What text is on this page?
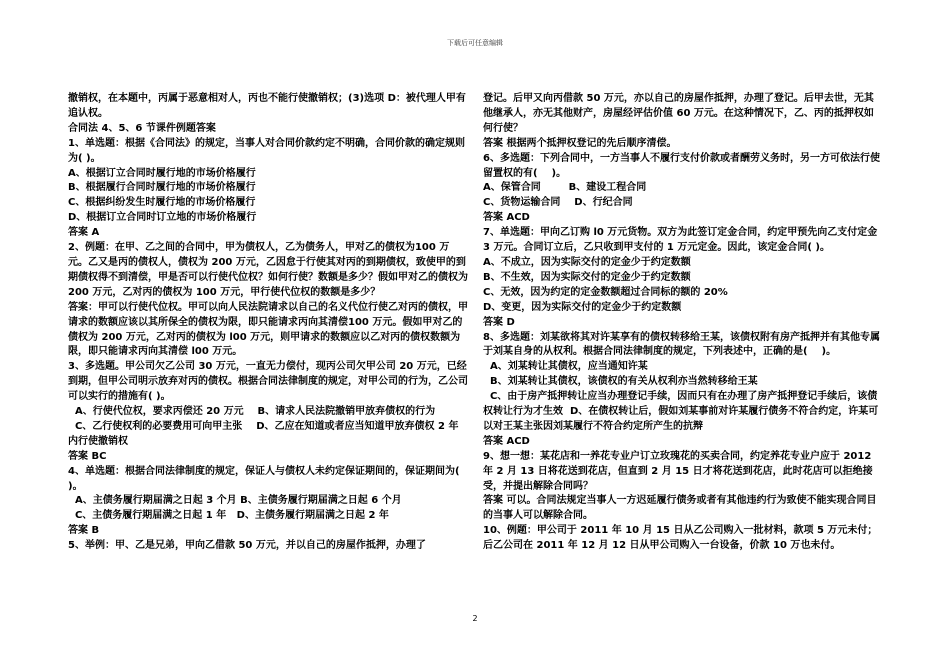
下载后可任意编辑

撤销权，在本题中，丙属于恶意相对人，丙也不能行使撤销权；(3)选项 D：被代理人甲有追认权。

合同法 4、5、6 节课件例题答案

1、单选题：根据《合同法》的规定，当事人对合同价款约定不明确，合同价款的确定规则为( )。

A、根据订立合同时履行地的市场价格履行

B、根据履行合同时履行地的市场价格履行

C、根据纠纷发生时履行地的市场价格履行

D、根据订立合同时订立地的市场价格履行

答案 A

2、例题：在甲、乙之间的合同中，甲为债权人，乙为债务人，甲对乙的债权为100 万元。乙又是丙的债权人，债权为 200 万元，乙因怠于行使其对丙的到期债权，致使甲的到期债权得不到清偿，甲是否可以行使代位权？如何行使？数额是多少？假如甲对乙的债权为 200 万元，乙对丙的债权为 100 万元，甲行使代位权的数额是多少？

答案：甲可以行使代位权。甲可以向人民法院请求以自己的名义代位行使乙对丙的债权，甲请求的数额应该以其所保全的债权为限，即只能请求丙向其清偿100 万元。假如甲对乙的债权为 200 万元，乙对丙的债权为 l00 万元，则甲请求的数额应以乙对丙的债权数额为限，即只能请求丙向其清偿 l00 万元。

3、多选题。甲公司欠乙公司 30 万元，一直无力偿付，现丙公司欠甲公司 20 万元，已经到期，但甲公司明示放弃对丙的债权。根据合同法律制度的规定，对甲公司的行为，乙公司可以实行的措施有( )。

A、行使代位权，要求丙偿还 20 万元    B、请求人民法院撤销甲放弃债权的行为

C、乙行使权利的必要费用可向甲主张    D、乙应在知道或者应当知道甲放弃债权 2 年内行使撤销权

答案 BC

4、单选题：根据合同法律制度的规定，保证人与债权人未约定保证期间的，保证期间为( )。

A、主债务履行期届满之日起 3 个月 B、主债务履行期届满之日起 6 个月

C、主债务履行期届满之日起 1 年   D、主债务履行期届满之日起 2 年

答案 B

5、举例：甲、乙是兄弟，甲向乙借款 50 万元，并以自己的房屋作抵押，办理了

登记。后甲又向丙借款 50 万元，亦以自己的房屋作抵押，办理了登记。后甲去世，无其他继承人，亦无其他财产，房屋经评估价值 60 万元。在这种情况下，乙、丙的抵押权如何行使？

答案 根据两个抵押权登记的先后顺序清偿。

6、多选题：下列合同中，一方当事人不履行支付价款或者酬劳义务时，另一方可依法行使留置权的有(    )。

A、保管合同        B、建设工程合同

C、货物运输合同    D、行纪合同

答案 ACD

7、单选题：甲向乙订购 l0 万元货物。双方为此签订定金合同，约定甲预先向乙支付定金 3 万元。合同订立后，乙只收到甲支付的 1 万元定金。因此，该定金合同( )。

A、不成立，因为实际交付的定金少于约定数额

B、不生效，因为实际交付的定金少于约定数额

C、无效，因为约定的定金数额超过合同标的额的 20%

D、变更，因为实际交付的定金少于约定数额

答案 D

8、多选题：刘某欲将其对许某享有的债权转移给王某，该债权附有房产抵押并有其他专属于刘某自身的从权利。根据合同法律制度的规定，下列表述中，正确的是(    )。

A、刘某转让其债权，应当通知许某

B、刘某转让其债权，该债权的有关从权利亦当然转移给王某

C、由于房产抵押转让应当办理登记手续，因而只有在办理了房产抵押登记手续后，该债权转让行为才生效  D、在债权转让后，假如刘某事前对许某履行债务不符合约定，许某可以对王某主张因刘某履行不符合约定所产生的抗辩

答案 ACD

9、想一想：某花店和一养花专业户订立玫瑰花的买卖合同，约定养花专业户应于 2012 年 2 月 13 日将花送到花店，但直到 2 月 15 日才将花送到花店，此时花店可以拒绝接受，并提出解除合同吗？

答案 可以。合同法规定当事人一方迟延履行债务或者有其他违约行为致使不能实现合同目的当事人可以解除合同。

10、例题：甲公司于 2011 年 10 月 15 日从乙公司购入一批材料，款项 5 万元未付；后乙公司在 2011 年 12 月 12 日从甲公司购入一台设备，价款 10 万也未付。

2
